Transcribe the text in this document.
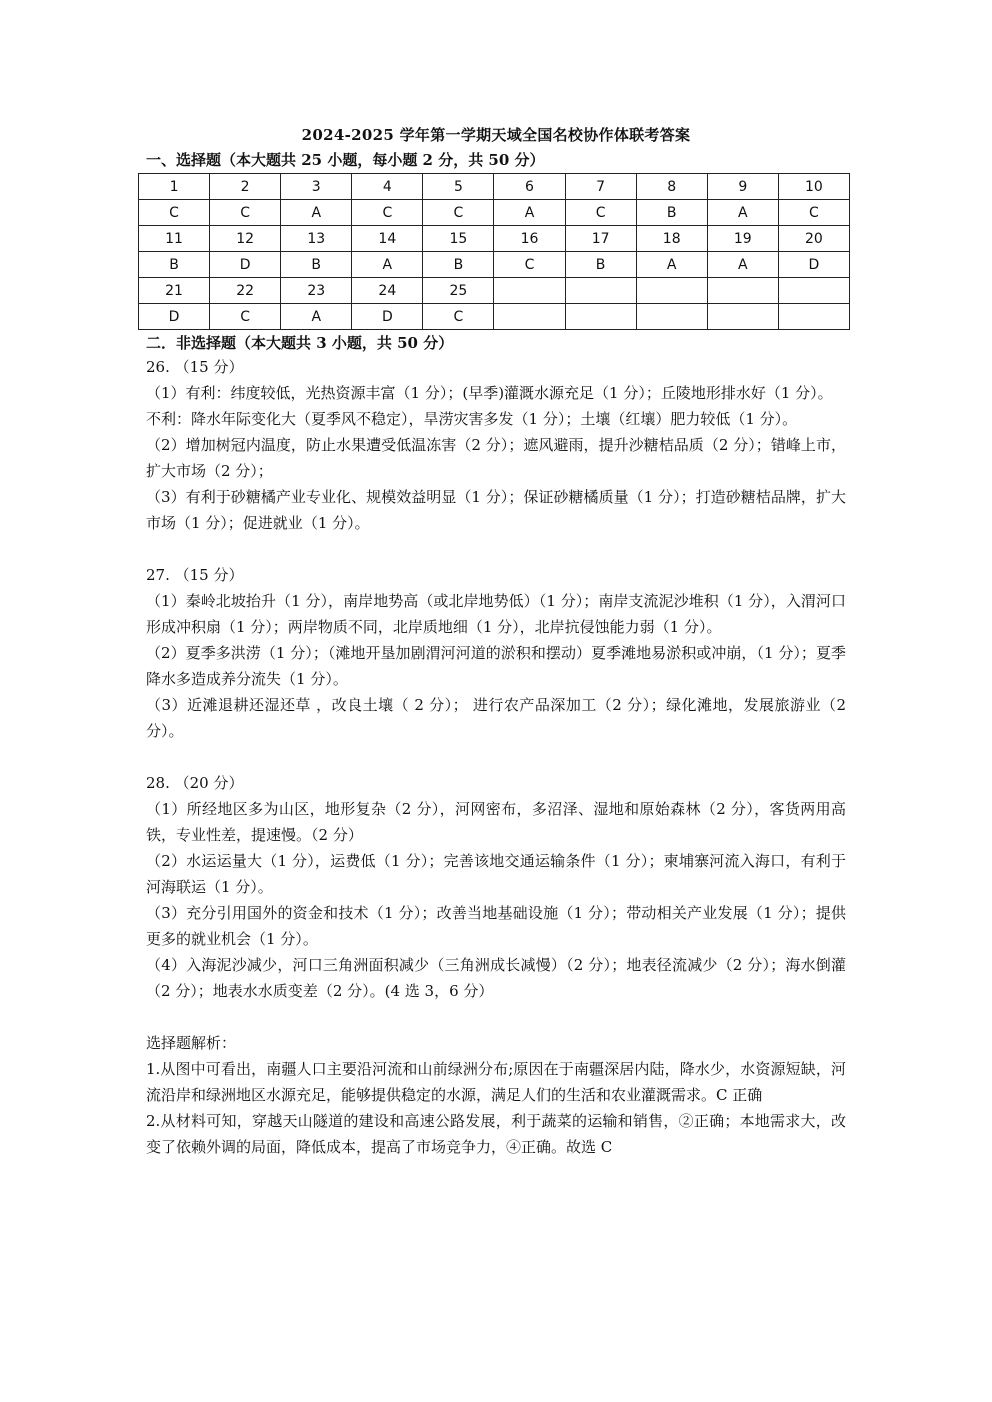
2024-2025 学年第一学期天域全国名校协作体联考答案

一、选择题（本大题共 25 小题，每小题 2 分，共 50 分）

1	2	3	4	5	6	7	8	9	10
C	C	A	C	C	A	C	B	A	C
11	12	13	14	15	16	17	18	19	20
B	D	B	A	B	C	B	A	A	D
21	22	23	24	25					
D	C	A	D	C					

二．非选择题（本大题共 3 小题，共 50 分）

26. （15 分）

（1）有利：纬度较低，光热资源丰富（1 分）；(早季)灌溉水源充足（1 分）；丘陵地形排水好（1 分）。

不利：降水年际变化大（夏季风不稳定），旱涝灾害多发（1 分）；土壤（红壤）肥力较低（1 分）。

（2）增加树冠内温度，防止水果遭受低温冻害（2 分）；遮风避雨，提升沙糖桔品质（2 分）；错峰上市，扩大市场（2 分）；

（3）有利于砂糖橘产业专业化、规模效益明显（1 分）；保证砂糖橘质量（1 分）；打造砂糖桔品牌，扩大市场（1 分）；促进就业（1 分）。

27. （15 分）

（1）秦岭北坡抬升（1 分），南岸地势高（或北岸地势低）（1 分）；南岸支流泥沙堆积（1 分），入渭河口形成冲积扇（1 分）；两岸物质不同，北岸质地细（1 分），北岸抗侵蚀能力弱（1 分）。

（2）夏季多洪涝（1 分）；（滩地开垦加剧渭河河道的淤积和摆动）夏季滩地易淤积或冲崩，（1 分）；夏季降水多造成养分流失（1 分）。

（3）近滩退耕还湿还草 ，改良土壤（ 2 分）； 进行农产品深加工（2 分）；绿化滩地，发展旅游业（2 分）。

28. （20 分）

（1）所经地区多为山区，地形复杂（2 分），河网密布，多沼泽、湿地和原始森林（2 分），客货两用高铁，专业性差，提速慢。（2 分）

（2）水运运量大（1 分），运费低（1 分）；完善该地交通运输条件（1 分）；柬埔寨河流入海口，有利于河海联运（1 分）。

（3）充分引用国外的资金和技术（1 分）；改善当地基础设施（1 分）；带动相关产业发展（1 分）；提供更多的就业机会（1 分）。

（4）入海泥沙减少，河口三角洲面积减少（三角洲成长减慢）（2 分）；地表径流减少（2 分）；海水倒灌（2 分）；地表水水质变差（2 分）。(4 选 3，6 分）

选择题解析：

1.从图中可看出，南疆人口主要沿河流和山前绿洲分布;原因在于南疆深居内陆，降水少，水资源短缺，河流沿岸和绿洲地区水源充足，能够提供稳定的水源，满足人们的生活和农业灌溉需求。C 正确

2.从材料可知，穿越天山隧道的建设和高速公路发展，利于蔬菜的运输和销售，②正确；本地需求大，改变了依赖外调的局面，降低成本，提高了市场竞争力，④正确。故选 C
